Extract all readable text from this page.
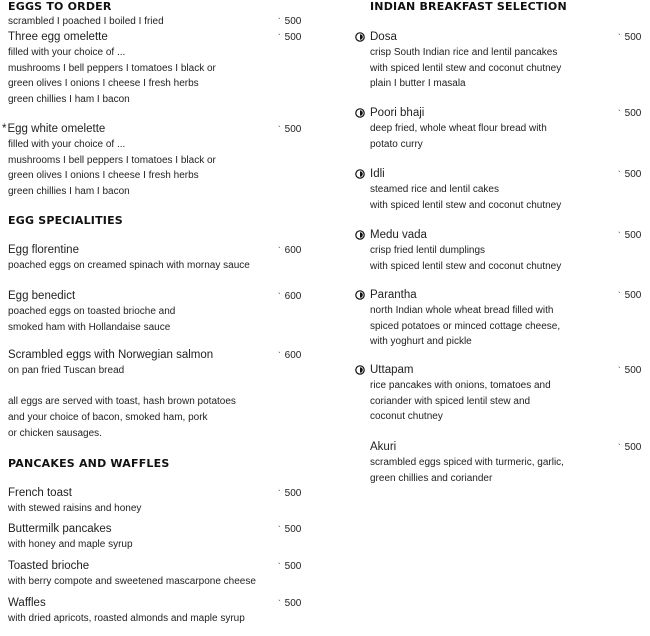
EGGS TO ORDER
scrambled I poached I boiled I fried	` 500
Three egg omelette
filled with your choice of ...
mushrooms I bell peppers I tomatoes I black or
green olives I onions I cheese I fresh herbs
green chillies I ham I bacon
` 500
*Egg white omelette
filled with your choice of ...
mushrooms I bell peppers I tomatoes I black or
green olives I onions I cheese I fresh herbs
green chillies I ham I bacon
` 500
EGG SPECIALITIES
Egg florentine
poached eggs on creamed spinach with mornay sauce
` 600
Egg benedict
poached eggs on toasted brioche and
smoked ham with Hollandaise sauce
` 600
Scrambled eggs with Norwegian salmon
on pan fried Tuscan bread
` 600
all eggs are served with toast, hash brown potatoes
and your choice of bacon, smoked ham, pork
or chicken sausages.
PANCAKES AND WAFFLES
French toast
with stewed raisins and honey
` 500
Buttermilk pancakes
with honey and maple syrup
` 500
Toasted brioche
with berry compote and sweetened mascarpone cheese
` 500
Waffles
with dried apricots, roasted almonds and maple syrup
` 500
INDIAN BREAKFAST SELECTION
Dosa
crisp South Indian rice and lentil pancakes
with spiced lentil stew and coconut chutney
plain I butter I masala
` 500
Poori bhaji
deep fried, whole wheat flour bread with
potato curry
` 500
Idli
steamed rice and lentil cakes
with spiced lentil stew and coconut chutney
` 500
Medu vada
crisp fried lentil dumplings
with spiced lentil stew and coconut chutney
` 500
Parantha
north Indian whole wheat bread filled with
spiced potatoes or minced cottage cheese,
with yoghurt and pickle
` 500
Uttapam
rice pancakes with onions, tomatoes and
coriander with spiced lentil stew and
coconut chutney
` 500
Akuri
scrambled eggs spiced with turmeric, garlic,
green chillies and coriander
` 500
